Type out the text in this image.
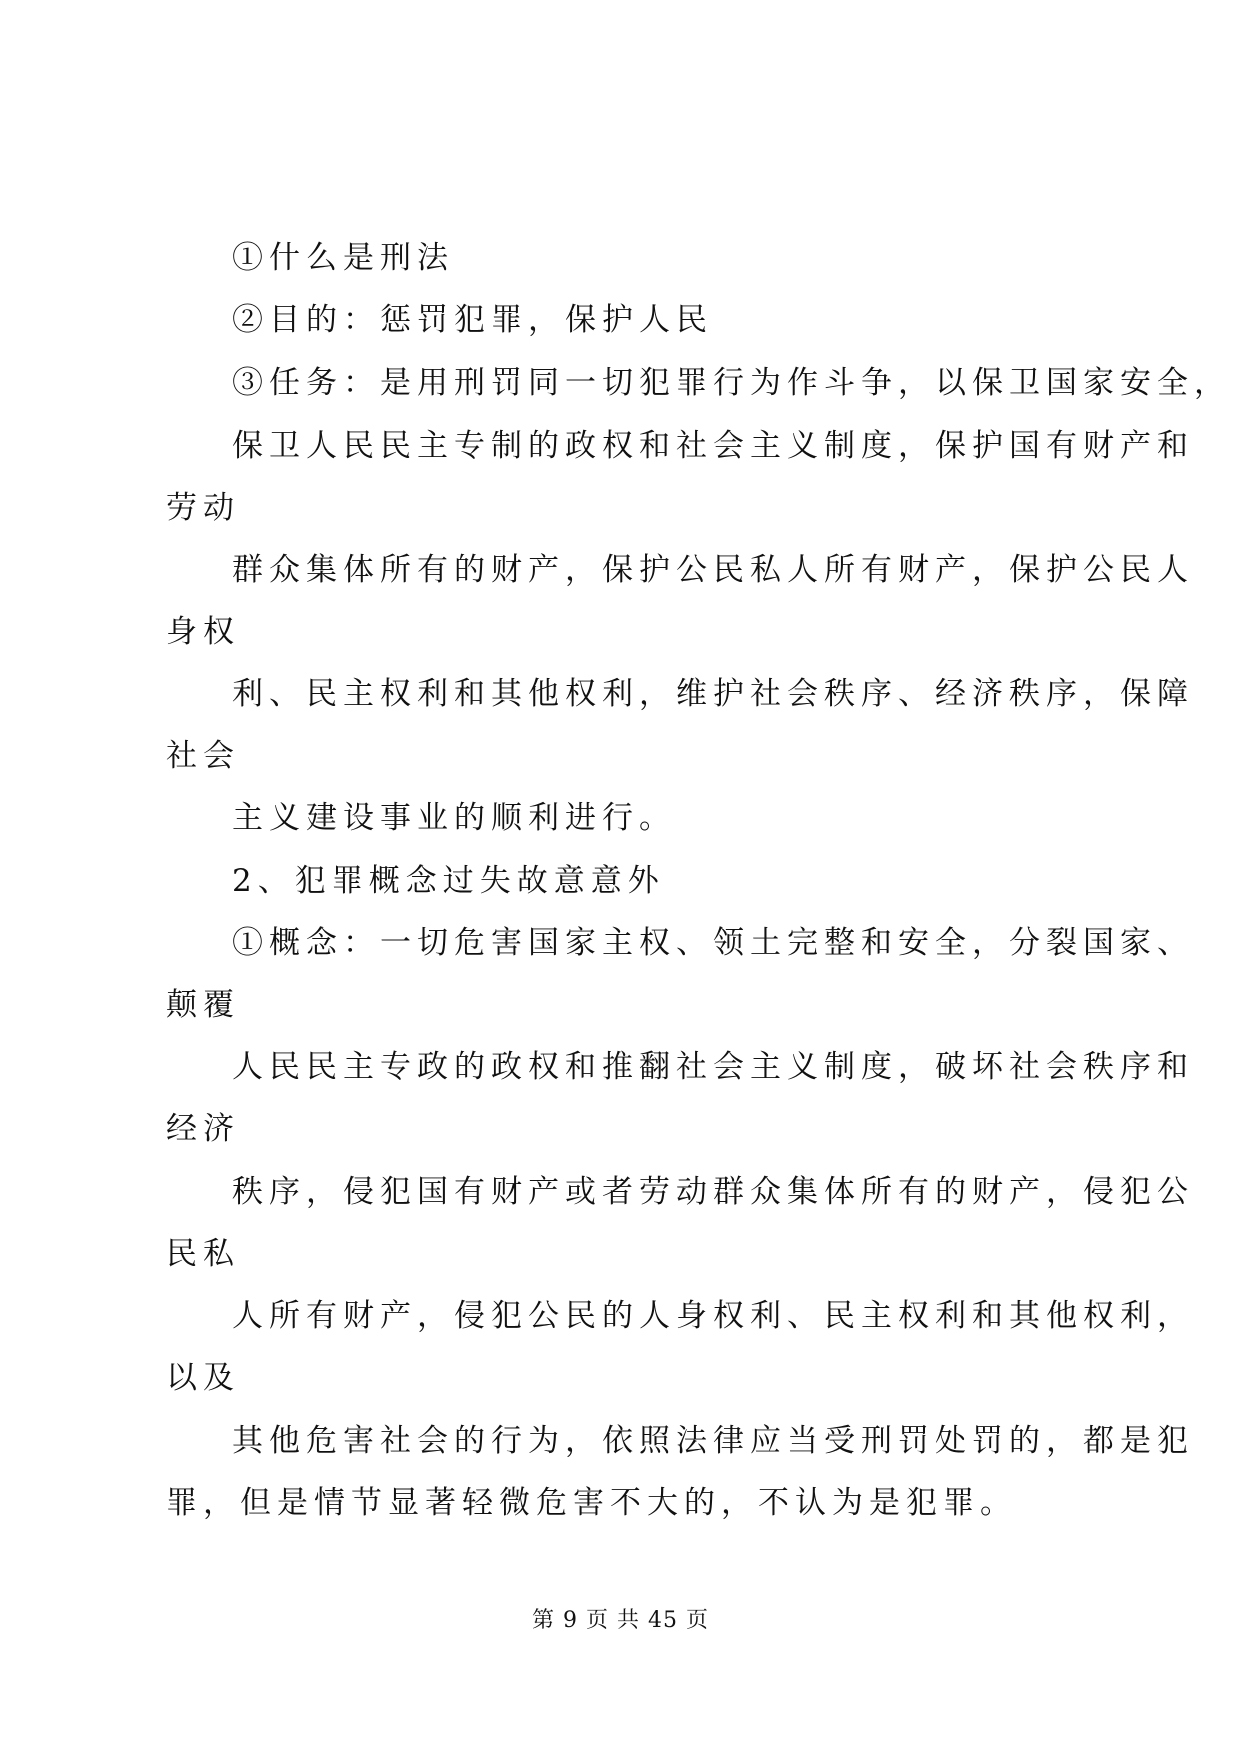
①什么是刑法
②目的：惩罚犯罪，保护人民
③任务：是用刑罚同一切犯罪行为作斗争，以保卫国家安全，
保卫人民民主专制的政权和社会主义制度，保护国有财产和
劳动
群众集体所有的财产，保护公民私人所有财产，保护公民人
身权
利、民主权利和其他权利，维护社会秩序、经济秩序，保障
社会
主义建设事业的顺利进行。
2、犯罪概念过失故意意外
①概念：一切危害国家主权、领土完整和安全，分裂国家、
颠覆
人民民主专政的政权和推翻社会主义制度，破坏社会秩序和
经济
秩序，侵犯国有财产或者劳动群众集体所有的财产，侵犯公
民私
人所有财产，侵犯公民的人身权利、民主权利和其他权利，
以及
其他危害社会的行为，依照法律应当受刑罚处罚的，都是犯
罪，但是情节显著轻微危害不大的，不认为是犯罪。
第 9 页 共 45 页
